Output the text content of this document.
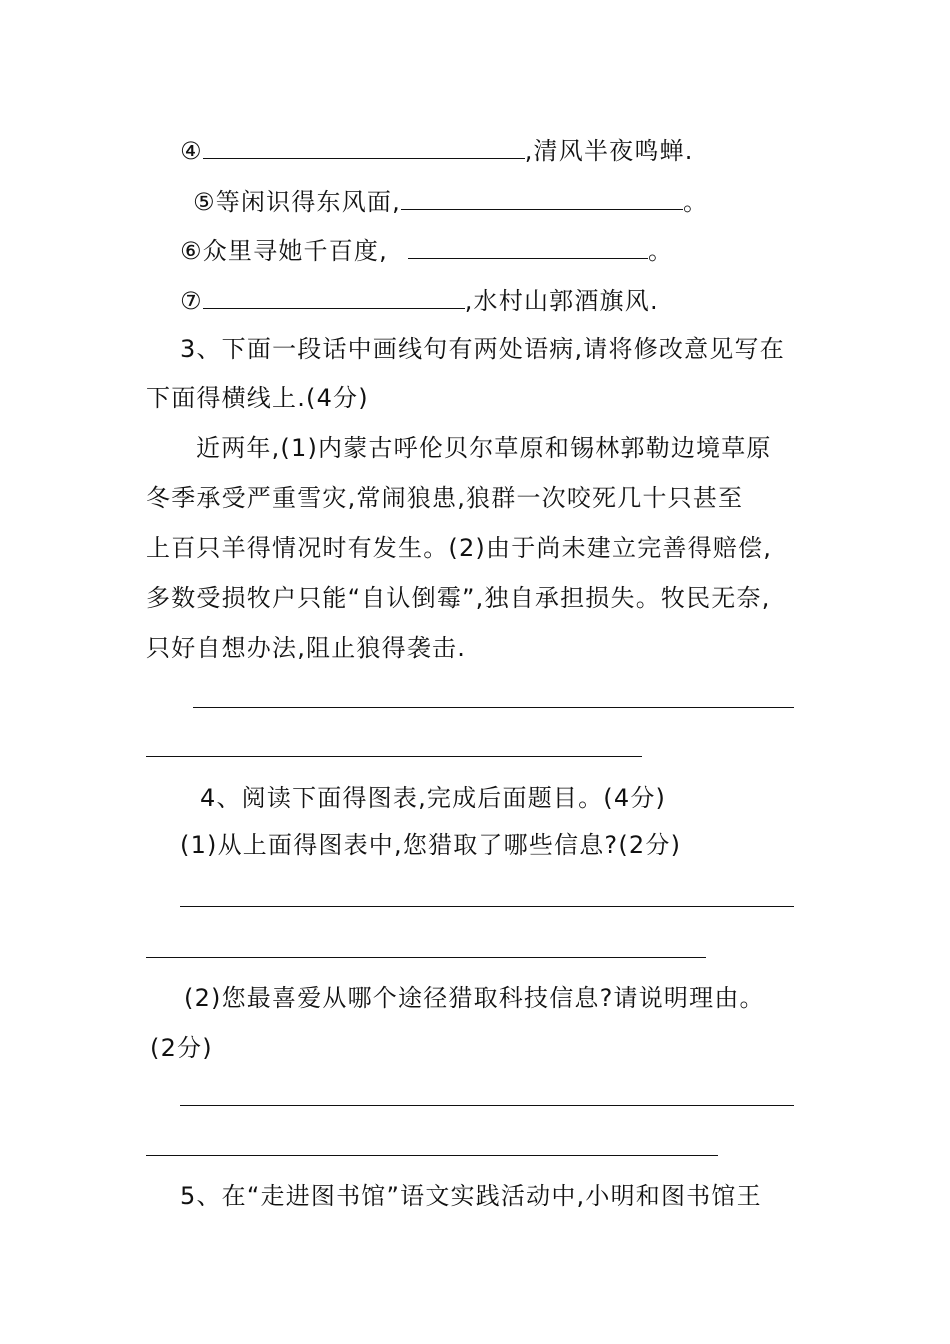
④	,清风半夜鸣蝉.
⑤等闲识得东风面,	。
⑥众里寻她千百度,	。
⑦	,水村山郭酒旗风.
3、下面一段话中画线句有两处语病,请将修改意见写在
下面得横线上.(4分)
近两年,(1)内蒙古呼伦贝尔草原和锡林郭勒边境草原
冬季承受严重雪灾,常闹狼患,狼群一次咬死几十只甚至
上百只羊得情况时有发生。(2)由于尚未建立完善得赔偿,
多数受损牧户只能“自认倒霉”,独自承担损失。牧民无奈,
只好自想办法,阻止狼得袭击.
4、阅读下面得图表,完成后面题目。(4分)
(1)从上面得图表中,您猎取了哪些信息?(2分)
(2)您最喜爱从哪个途径猎取科技信息?请说明理由。
(2分)
5、在“走进图书馆”语文实践活动中,小明和图书馆王
